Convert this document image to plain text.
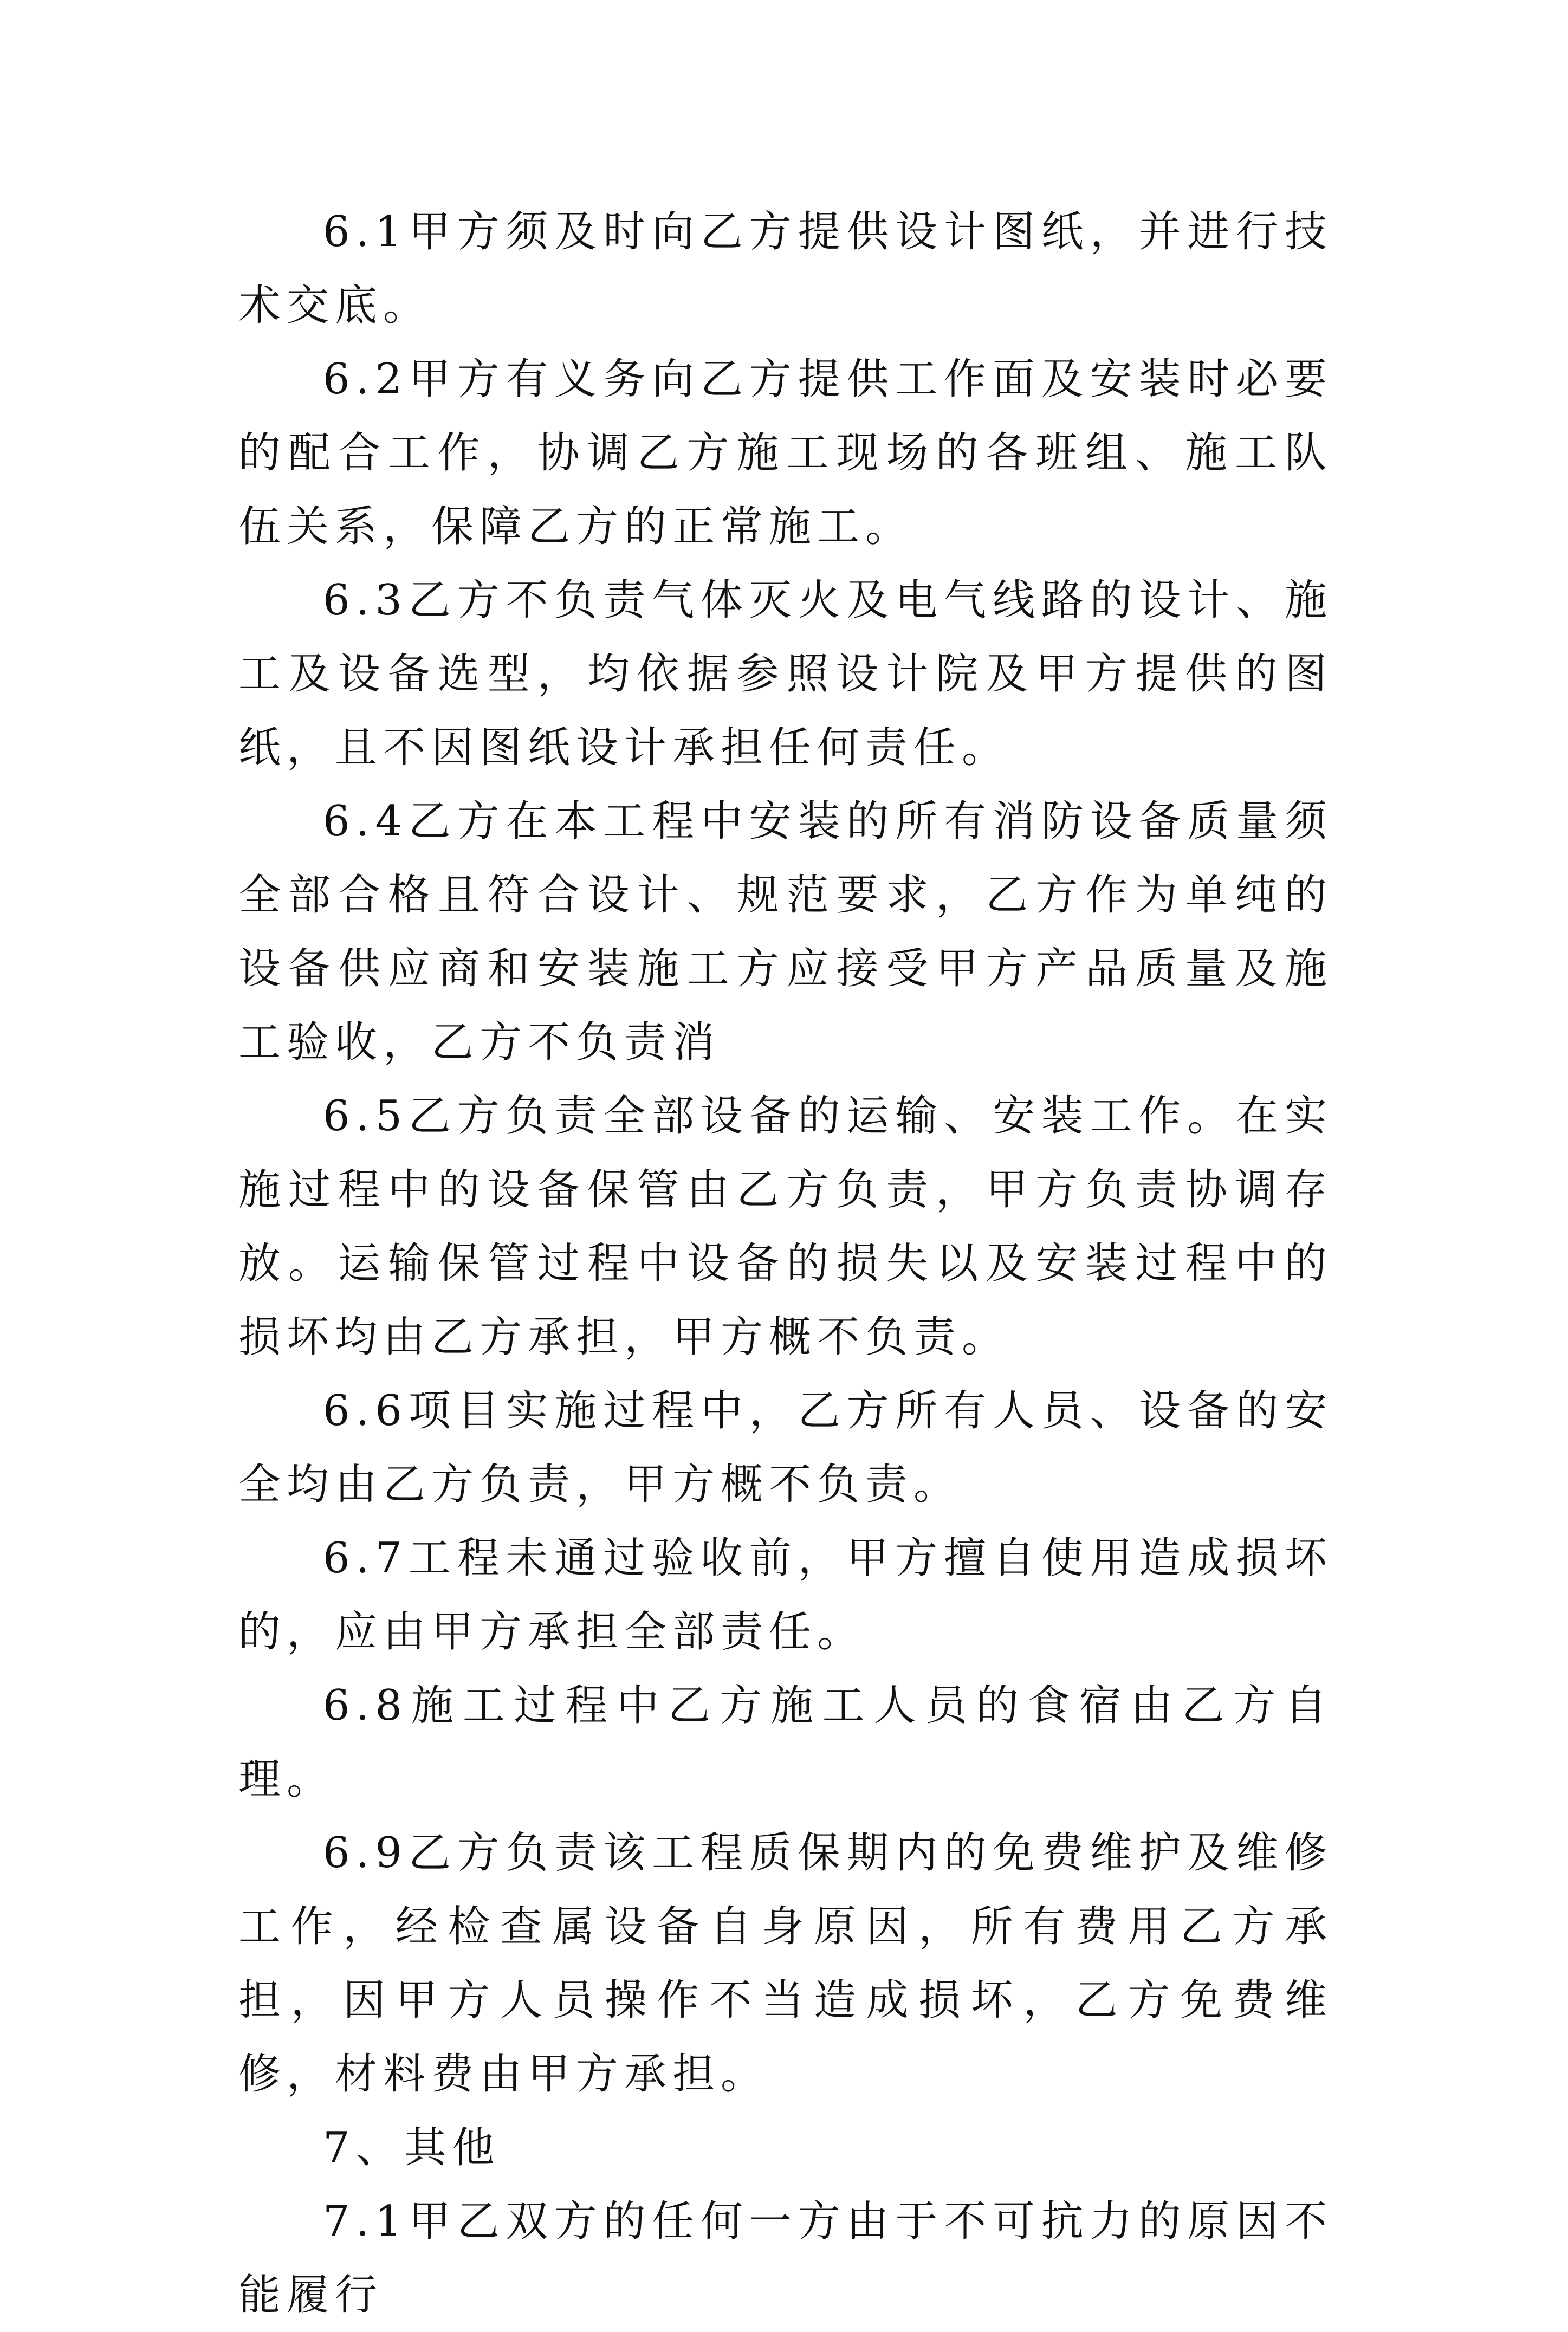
6.1甲方须及时向乙方提供设计图纸，并进行技术交底。

6.2甲方有义务向乙方提供工作面及安装时必要的配合工作，协调乙方施工现场的各班组、施工队伍关系，保障乙方的正常施工。

6.3乙方不负责气体灭火及电气线路的设计、施工及设备选型，均依据参照设计院及甲方提供的图纸，且不因图纸设计承担任何责任。

6.4乙方在本工程中安装的所有消防设备质量须全部合格且符合设计、规范要求，乙方作为单纯的设备供应商和安装施工方应接受甲方产品质量及施工验收，乙方不负责消

6.5乙方负责全部设备的运输、安装工作。在实施过程中的设备保管由乙方负责，甲方负责协调存放。运输保管过程中设备的损失以及安装过程中的损坏均由乙方承担，甲方概不负责。

6.6项目实施过程中，乙方所有人员、设备的安全均由乙方负责，甲方概不负责。

6.7工程未通过验收前，甲方擅自使用造成损坏的，应由甲方承担全部责任。

6.8施工过程中乙方施工人员的食宿由乙方自理。

6.9乙方负责该工程质保期内的免费维护及维修工作，经检查属设备自身原因，所有费用乙方承担，因甲方人员操作不当造成损坏，乙方免费维修，材料费由甲方承担。

7、其他

7.1甲乙双方的任何一方由于不可抗力的原因不能履行
